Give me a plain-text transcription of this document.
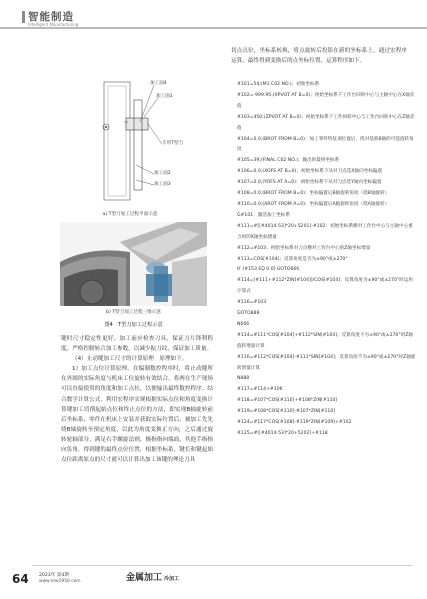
智能制造
Intelligent Manufacturing
加工面4
加工面1
专用T型刀
加工面2
加工面3
a) T型刀加工过程平面示意
b) T型刀加工过程三维示意
图4　T型刀加工过程示意

键时尺寸稳定性更好、加工前应检查刀具，保证刀片锋利程度，严格控制转合加工参数，以减少振刀纹，保证加工质量。

（4）止动键加工尺寸的计算原理　原理如下。

1）加工点位计算原理。在编制数控程序时，将止动键所在外圆的实际角度与机床工位旋转有效结合。将两在生产现场可以直接使用的角度和加工点位，以便输出最终数控程序。结合数学计算公式，利用宏程序实现根据实际点位和角度变换计算键加工切削起始点位和终止点位的方法，即实现B轴旋转前后坐标系，零件在机床上安装并获取实际位置后，被加工先先绕B轴旋转至预定角度，以此为角度变换正方向，之后通过旋转轮轴部分，满足右手螺旋法则，极指指向端面，其他手指指向负角，得到键的最终点位位置，根据坐标系，键长和键起始点位距离原点的尺寸就可以计算出加工该键的理论刀具

切点点位，坐标系转换，将点旋转后投影在新的坐标系上，通过宏程序运算，最终得到变换后的点坐标位置，运算程序如下。

#101=54;(M1 C02 NO.)；初始坐标系

#102=-999.95;(XPVOT AT B=0)；初始坐标系下工作台回转中心与主轴中心在X轴差值

#103=450;(ZPVOT AT B=0)；初始坐标系下工件回转中心与工作台回转中心在Z轴差值

#104=0.0;(BROT FROM B=0)；加工零件特征项位置后，绕对基准B轴的可能旋转角度

#105=39;(FINAL C02 NO.)；输出的最终坐标系

#106=0.0;(XOFS AT B=0)；初始坐标系下从对刀点选X轴向坐标偏置

#107=0.0;(YOFS AT A=0)；初始坐标系下从对刀点选Y轴向坐标偏置

#108=0.0;(BROT FROM B=0)；坐标偏置后B轴旋转角度（绕B轴旋转）

#110=0.0;(AROT FROM A=0)；坐标偏置后A轴旋转角度（绕A轴旋转）

G#101；激活加工坐标系

#111=#[[#4014-53]*20+5201]-#102；初始坐标系横对工作台中心与主轴中心重合时的X轴坐标增量

#112=#103；初始坐标系对刀点横对工作台中心的Z轴坐标增量

#113=COS[#104]；反算角度是否为±90°或±270°

IF [#153 EQ 0.0] GOTO666

#114=[#111+#112*ZIN[#104]]/COS[#104]；反算角度为±90°或±270°时运用计算式

#116=#103

GOTO888

N666

#114=#111*COS[#104]+#112*SIN[#104]；反算角度不为±90°或±270°时Z轴旋转增量计算

#116=#112*COS[#104]-#111*SIN[#104]；反算角度不为±90°或±270°时Z轴旋转增量计算

N888

#117=#114+#106

#118=#107*COS[#110]+#108*ZIN[#110]

#119=#108*COS[#110]-#107*ZIN[#110]

#124=#117*COS[#108]-#119*ZIN[#109]+#102

#125=#[[#4014-53]*20+5202]+#118

64 2023年 第4期
www.mw1950.com	金属加工 冷加工
